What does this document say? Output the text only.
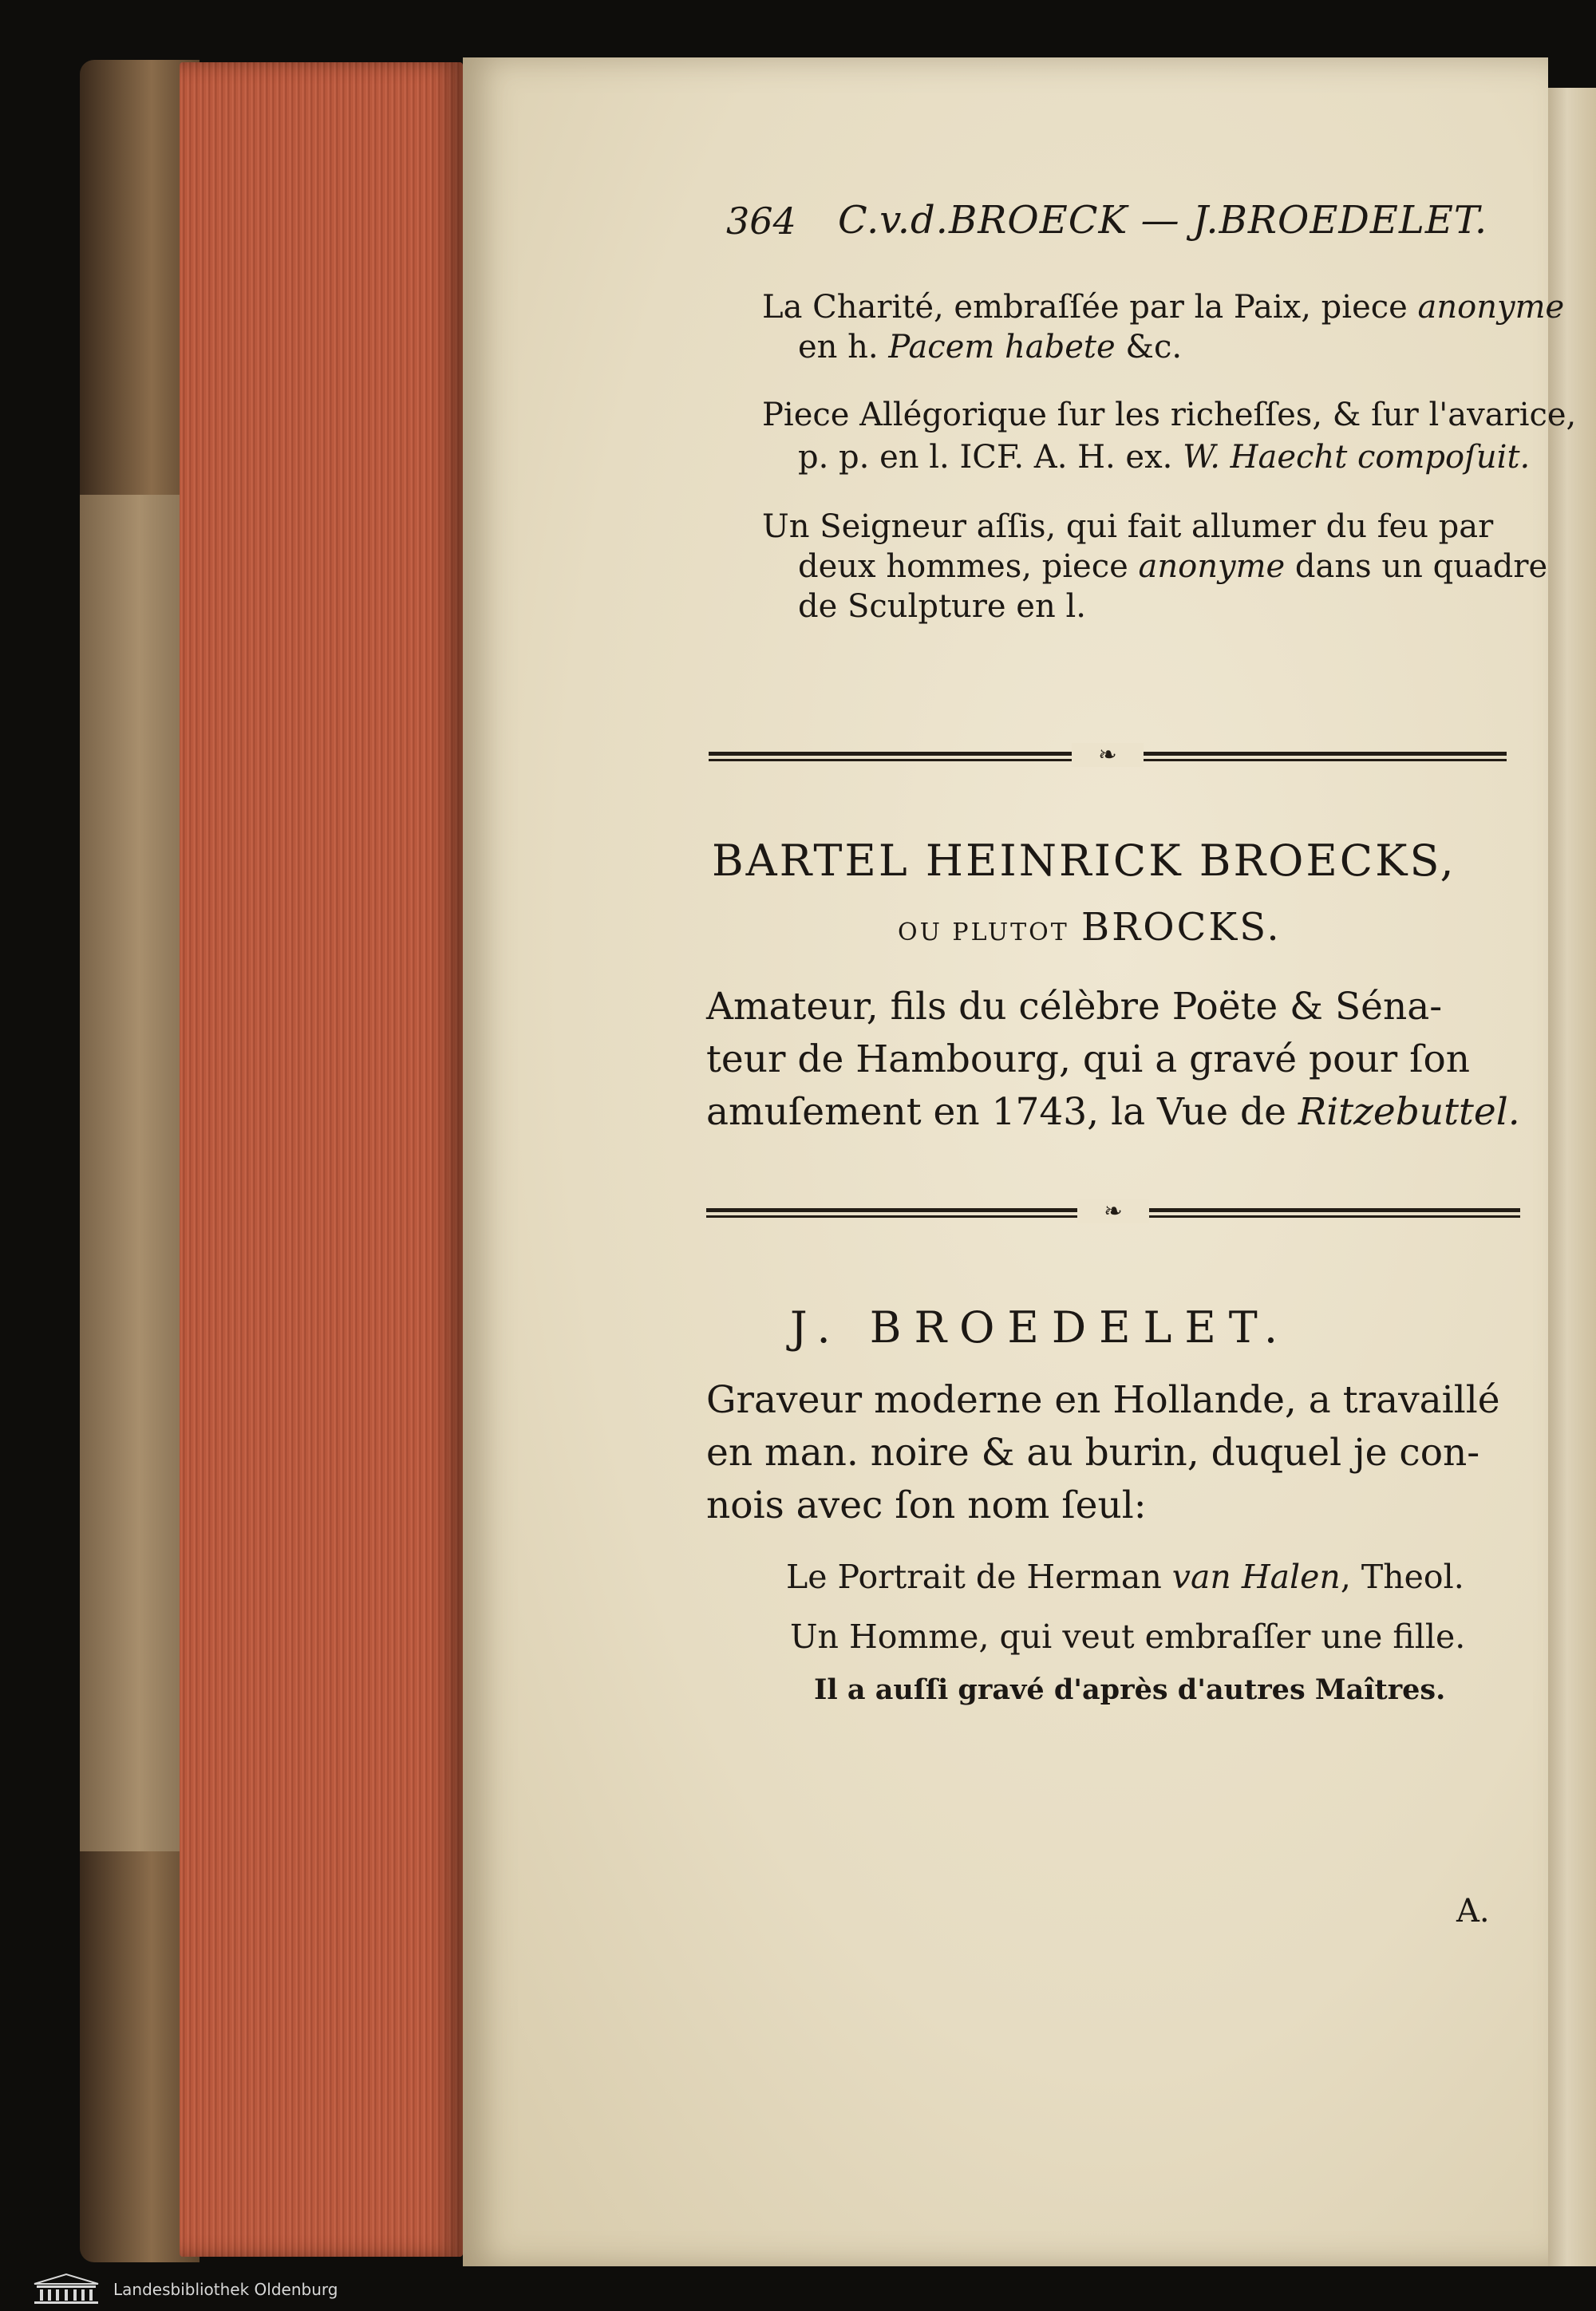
364 C.v.d.BROECK — J.BROEDELET.
La Charité, embraſſée par la Paix, piece anonyme
en h. Pacem habete &c.
Piece Allégorique ſur les richeſſes, & ſur l'avarice,
p. p. en l. ICF. A. H. ex. W. Haecht compoſuit.
Un Seigneur aſſis, qui fait allumer du feu par
deux hommes, piece anonyme dans un quadre
de Sculpture en l.
❧
BARTEL HEINRICK BROECKS,
OU PLUTOT BROCKS.
Amateur, fils du célèbre Poëte & Séna-
teur de Hambourg, qui a gravé pour ſon
amuſement en 1743, la Vue de Ritzebuttel.
❧
J. BROEDELET.
Graveur moderne en Hollande, a travaillé
en man. noire & au burin, duquel je con-
nois avec ſon nom ſeul:
Le Portrait de Herman van Halen, Theol.
Un Homme, qui veut embraſſer une fille.
Il a auſſi gravé d'après d'autres Maîtres.
A.
Landesbibliothek Oldenburg
